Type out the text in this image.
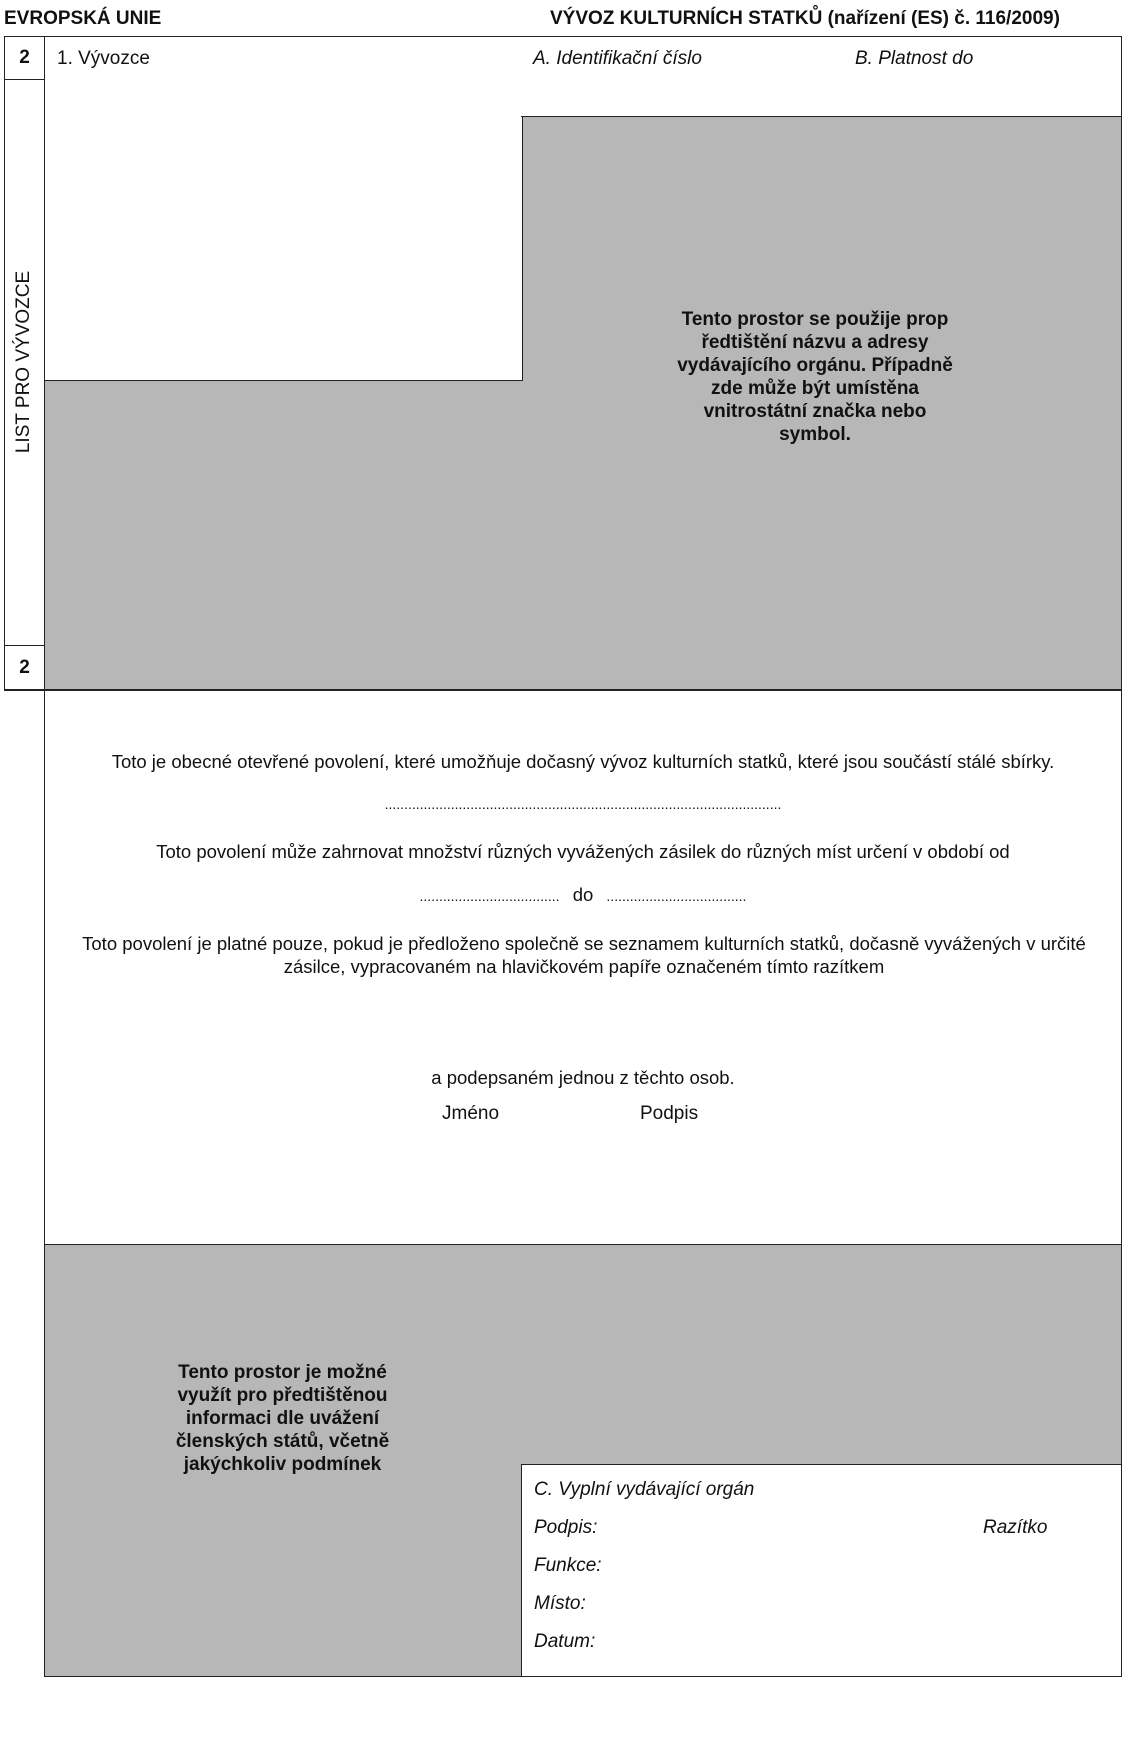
EVROPSKÁ UNIE	VÝVOZ KULTURNÍCH STATKŮ (nařízení (ES) č. 116/2009)
2
LIST PRO VÝVOZCE
2
1. Vývozce	A. Identifikační číslo	B. Platnost do
Tento prostor se použije prop ředtištění názvu a adresy vydávajícího orgánu. Případně zde může být umístěna vnitrostátní značka nebo symbol.
Toto je obecné otevřené povolení, které umožňuje dočasný vývoz kulturních statků, které jsou součástí stálé sbírky.
......................................................................................................
Toto povolení může zahrnovat množství různých vyvážených zásilek do různých míst určení v období od
.................................... do ....................................
Toto povolení je platné pouze, pokud je předloženo společně se seznamem kulturních statků, dočasně vyvážených v určité zásilce, vypracovaném na hlavičkovém papíře označeném tímto razítkem
a podepsaném jednou z těchto osob.
Jméno	Podpis
Tento prostor je možné využít pro předtištěnou informaci dle uvážení členských států, včetně jakýchkoliv podmínek
C. Vyplní vydávající orgán
Podpis:	Razítko
Funkce:
Místo:
Datum:
